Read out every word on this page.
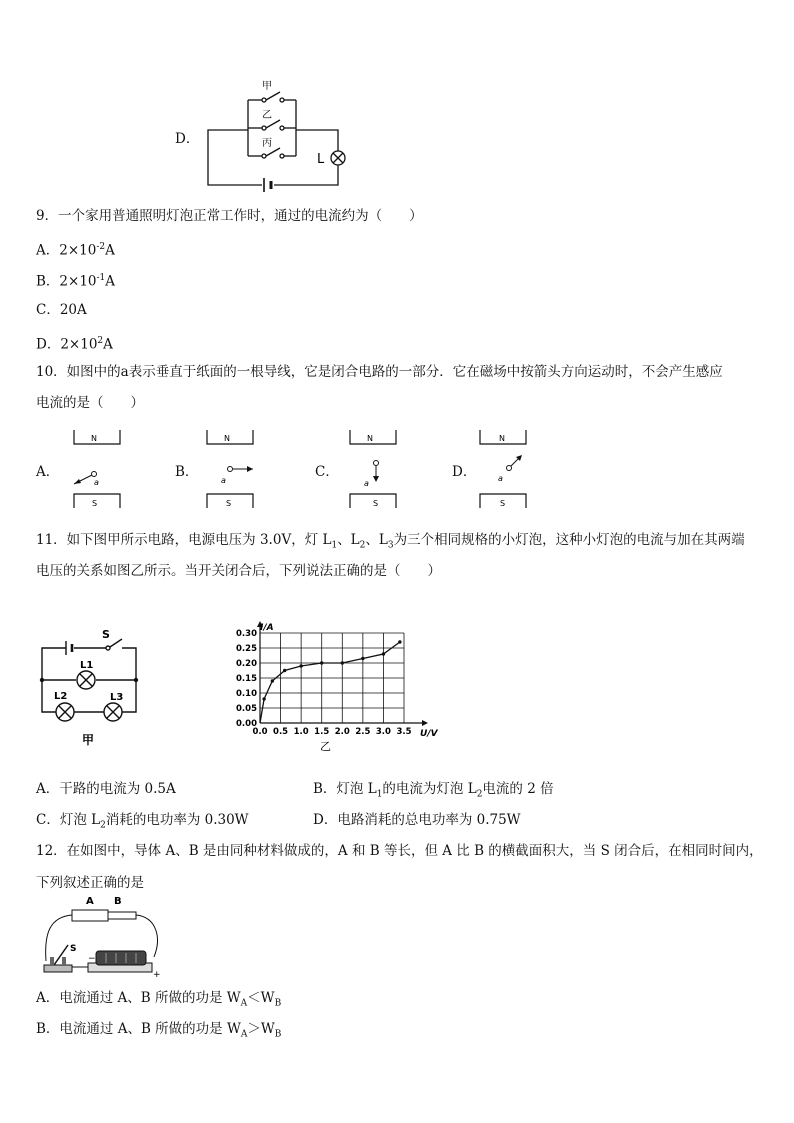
D．
甲
乙
丙
L
9．一个家用普通照明灯泡正常工作时，通过的电流约为（　　）
A．$2\times 10^{-2}A$
B．$2\times 10^{-1}A$
C．20A
D．$2\times 10^2A$
10．如图中的a表示垂直于纸面的一根导线，它是闭合电路的一部分．它在磁场中按箭头方向运动时，不会产生感应
电流的是（　　）
A．
N
S
a
B．
N
S
a
C．
N
S
a
D．
N
S
a
11．如下图甲所示电路，电源电压为 3.0V，灯 $L_1$、$L_2$、$L_3$为三个相同规格的小灯泡，这种小灯泡的电流与加在其两端
电压的关系如图乙所示。当开关闭合后，下列说法正确的是（　　）
S
L1
L2	L3
甲
0.0 0.5 1.0 1.5 2.0 2.5 3.0 3.5
0.00
0.05
0.10
0.15
0.20
0.25
0.30
I/A
U/V
乙
A．干路的电流为 0.5A	B．灯泡 $L_1$的电流为灯泡 $L_2$电流的 2 倍
C．灯泡 $L_2$消耗的电功率为 0.30W	D．电路消耗的总电功率为 0.75W
12．在如图中，导体 A、B 是由同种材料做成的，A 和 B 等长，但 A 比 B 的横截面积大，当 S 闭合后，在相同时间内，
下列叙述正确的是
A B
S
−
+
A．电流通过 A、B 所做的功是 $W_A<W_B$
B．电流通过 A、B 所做的功是 $W_A>W_B$
